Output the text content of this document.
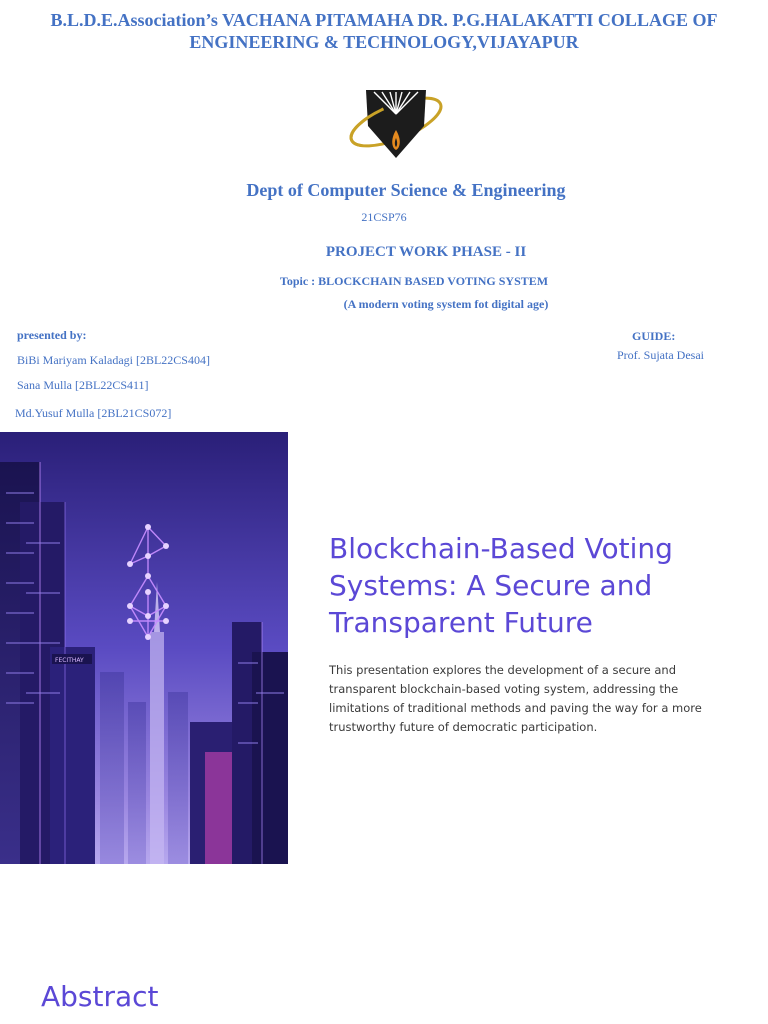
B.L.D.E.Association’s VACHANA PITAMAHA DR. P.G.HALAKATTI COLLAGE OF
ENGINEERING & TECHNOLOGY,VIJAYAPUR
Dept of Computer Science & Engineering
21CSP76
PROJECT WORK PHASE - II
Topic : BLOCKCHAIN BASED VOTING SYSTEM
(A modern voting system fot digital age)
presented by:
BiBi Mariyam Kaladagi [2BL22CS404]
Sana Mulla [2BL22CS411]
Md.Yusuf Mulla [2BL21CS072]
GUIDE:
Prof. Sujata Desai
FECITHAY
Blockchain-Based Voting Systems: A Secure and Transparent Future

This presentation explores the development of a secure and transparent blockchain-based voting system, addressing the limitations of traditional methods and paving the way for a more trustworthy future of democratic participation.

Abstract
